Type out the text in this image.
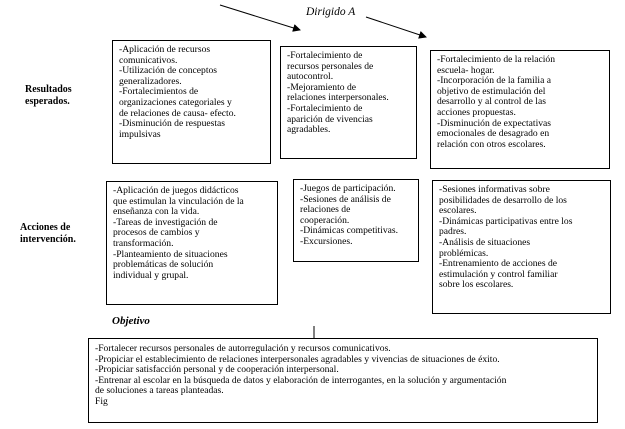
Dirigido A
Resultados
esperados.
Acciones de
intervención.
-Aplicación de recursos
comunicativos.
-Utilización de conceptos
generalizadores.
-Fortalecimientos de
organizaciones categoriales y
de relaciones de causa- efecto.
-Disminución de respuestas
impulsivas
-Fortalecimiento de
recursos personales de
autocontrol.
-Mejoramiento de
relaciones interpersonales.
-Fortalecimiento de
aparición de vivencias
agradables.
-Fortalecimiento de la relación
escuela- hogar.
-Incorporación de la familia a
objetivo de estimulación del
desarrollo y al control de las
acciones propuestas.
-Disminución de expectativas
emocionales de desagrado en
relación con otros escolares.
-Aplicación de juegos didácticos
que estimulan la vinculación de la
enseñanza con la vida.
-Tareas de investigación de
procesos de cambios y
transformación.
-Planteamiento de situaciones
problemáticas de solución
individual y grupal.
-Juegos de participación.
-Sesiones de análisis de
relaciones de
cooperación.
-Dinámicas competitivas.
-Excursiones.
-Sesiones informativas sobre
posibilidades de desarrollo de los
escolares.
-Dinámicas participativas entre los
padres.
-Análisis de situaciones
problémicas.
-Entrenamiento de acciones de
estimulación y control familiar
sobre los escolares.
Objetivo
-Fortalecer recursos personales de autorregulación y recursos comunicativos.
-Propiciar el establecimiento de relaciones interpersonales agradables y vivencias de situaciones de éxito.
-Propiciar satisfacción personal y de cooperación interpersonal.
-Entrenar al escolar en la búsqueda de datos y elaboración de interrogantes, en la solución y argumentación
de soluciones a tareas planteadas.
Fig
